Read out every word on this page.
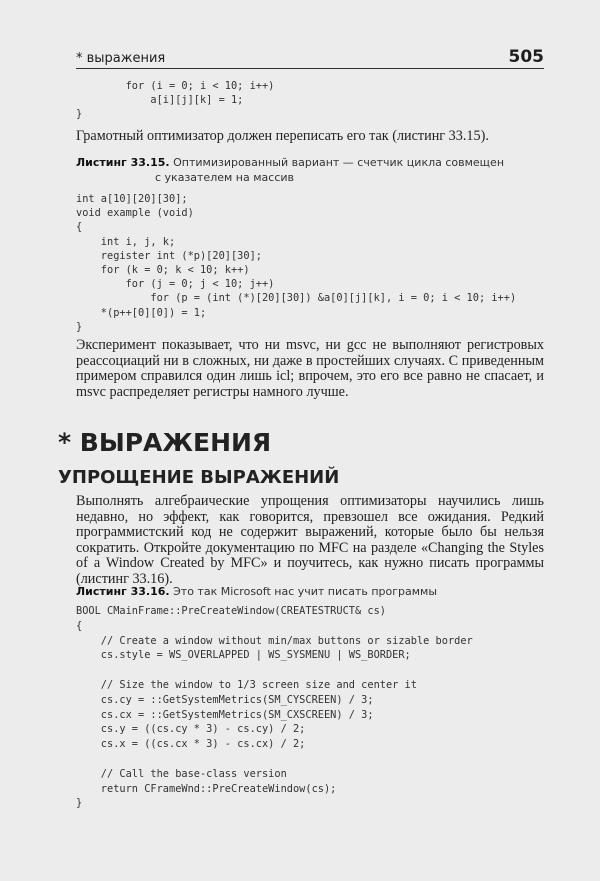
* выражения	505
for (i = 0; i < 10; i++)
a[i][j][k] = 1;
}

Грамотный оптимизатор должен переписать его так (листинг 33.15).

Листинг 33.15. Оптимизированный вариант — счетчик цикла совмещен
с указателем на массив
int a[10][20][30];
void example (void)
{
int i, j, k;
register int (*p)[20][30];
for (k = 0; k < 10; k++)
for (j = 0; j < 10; j++)
for (p = (int (*)[20][30]) &a[0][j][k], i = 0; i < 10; i++)
*(p++[0][0]) = 1;
}

Эксперимент показывает, что ни msvc, ни gcc не выполняют регистровых реассоциаций ни в сложных, ни даже в простейших случаях. С приведенным примером справился один лишь icl; впрочем, это его все равно не спасает, и msvc распределяет регистры намного лучше.

* ВЫРАЖЕНИЯ
УПРОЩЕНИЕ ВЫРАЖЕНИЙ

Выполнять алгебраические упрощения оптимизаторы научились лишь недавно, но эффект, как говорится, превзошел все ожидания. Редкий программистский код не содержит выражений, которые было бы нельзя сократить. Откройте документацию по MFC на разделе «Changing the Styles of a Window Created by MFC» и поучитесь, как нужно писать программы (листинг 33.16).

Листинг 33.16. Это так Microsoft нас учит писать программы
BOOL CMainFrame::PreCreateWindow(CREATESTRUCT& cs)
{
// Create a window without min/max buttons or sizable border
cs.style = WS_OVERLAPPED | WS_SYSMENU | WS_BORDER;

// Size the window to 1/3 screen size and center it
cs.cy = ::GetSystemMetrics(SM_CYSCREEN) / 3;
cs.cx = ::GetSystemMetrics(SM_CXSCREEN) / 3;
cs.y = ((cs.cy * 3) - cs.cy) / 2;
cs.x = ((cs.cx * 3) - cs.cx) / 2;

// Call the base-class version
return CFrameWnd::PreCreateWindow(cs);
}
